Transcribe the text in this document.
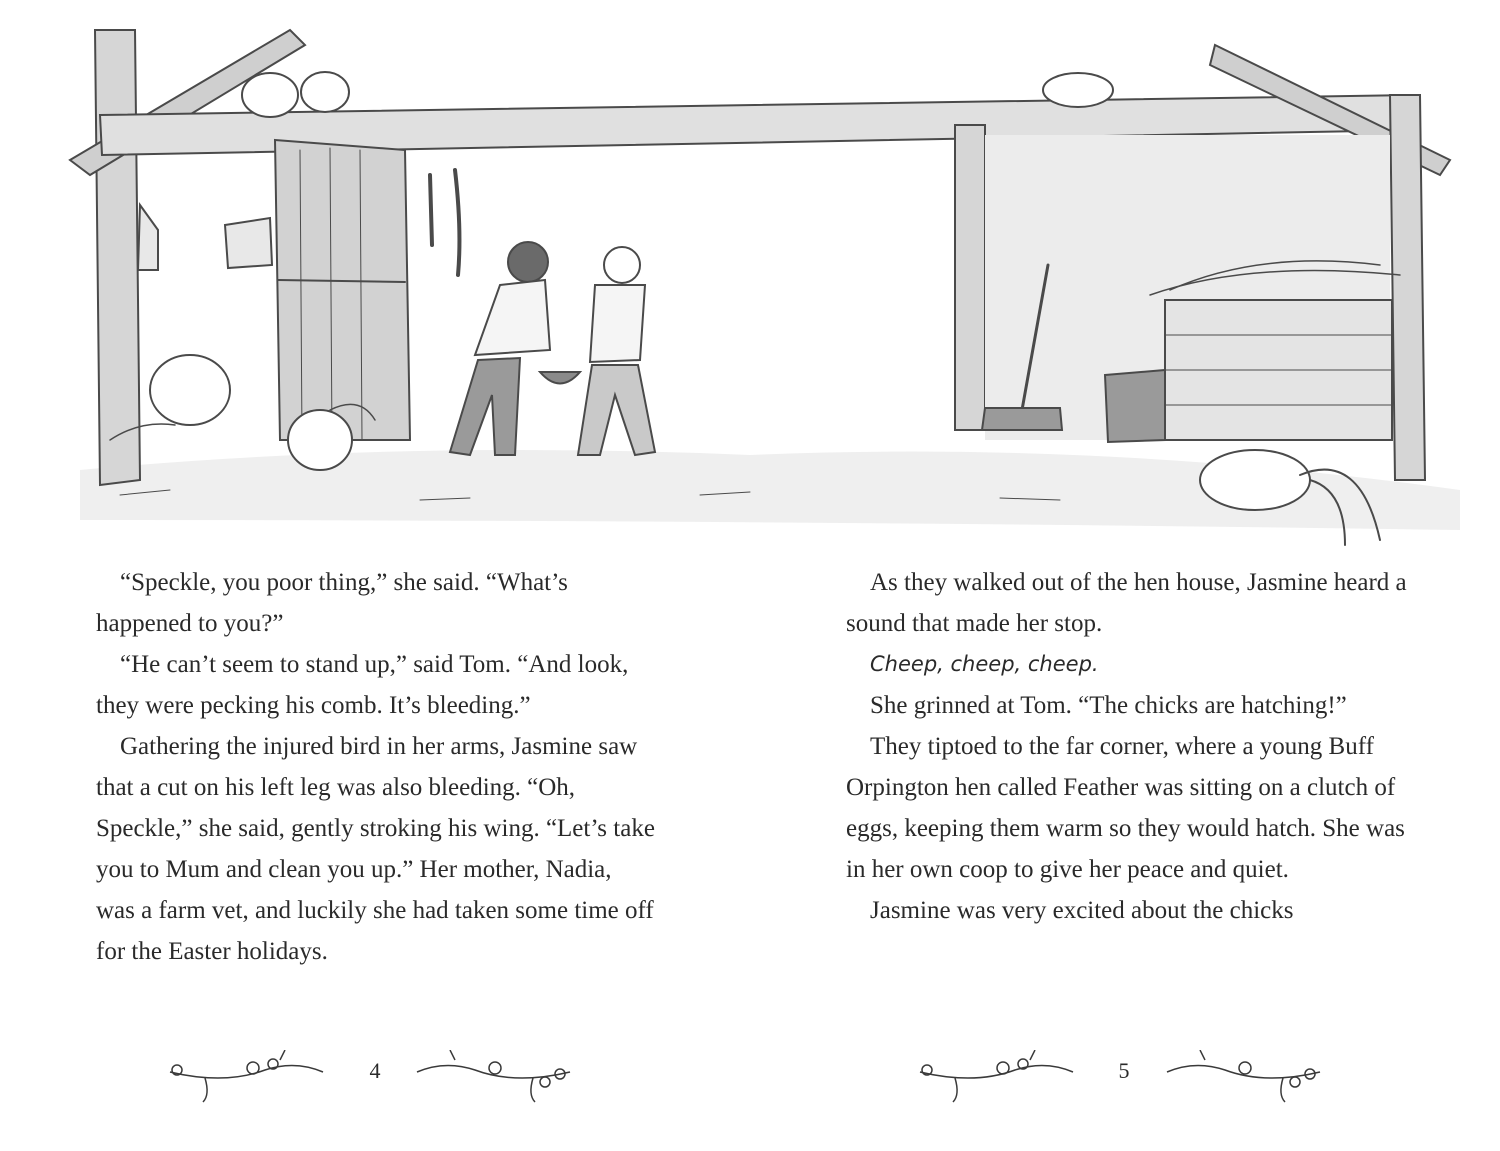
“Speckle, you poor thing,” she said. “What’s happened to you?”

“He can’t seem to stand up,” said Tom. “And look, they were pecking his comb. It’s bleeding.”

Gathering the injured bird in her arms, Jasmine saw that a cut on his left leg was also bleeding. “Oh, Speckle,” she said, gently stroking his wing. “Let’s take you to Mum and clean you up.” Her mother, Nadia, was a farm vet, and luckily she had taken some time off for the Easter holidays.

As they walked out of the hen house, Jasmine heard a sound that made her stop.

Cheep, cheep, cheep.

She grinned at Tom. “The chicks are hatching!”

They tiptoed to the far corner, where a young Buff Orpington hen called Feather was sitting on a clutch of eggs, keeping them warm so they would hatch. She was in her own coop to give her peace and quiet.

Jasmine was very excited about the chicks

4	5
